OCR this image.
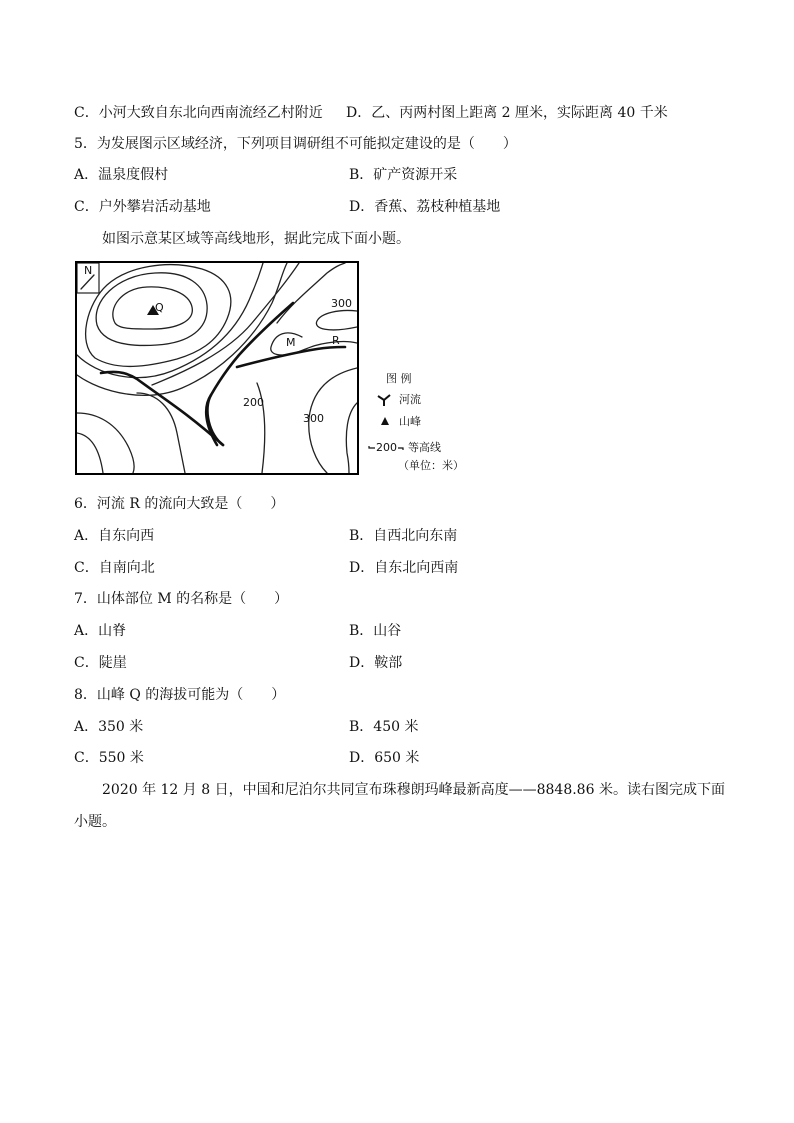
C．小河大致自东北向西南流经乙村附近 D．乙、丙两村图上距离 2 厘米，实际距离 40 千米
5．为发展图示区域经济，下列项目调研组不可能拟定建设的是（　　）
A．温泉度假村	B．矿产资源开采
C．户外攀岩活动基地	D．香蕉、荔枝种植基地
如图示意某区域等高线地形，据此完成下面小题。
N
Q	300
M	R
200
300
图 例
河流
山峰
200 等高线
（单位：米）
6．河流 R 的流向大致是（　　）
A．自东向西	B．自西北向东南
C．自南向北	D．自东北向西南
7．山体部位 M 的名称是（　　）
A．山脊	B．山谷
C．陡崖	D．鞍部
8．山峰 Q 的海拔可能为（　　）
A．350 米	B．450 米
C．550 米	D．650 米
2020 年 12 月 8 日，中国和尼泊尔共同宣布珠穆朗玛峰最新高度——8848.86 米。读右图完成下面
小题。
